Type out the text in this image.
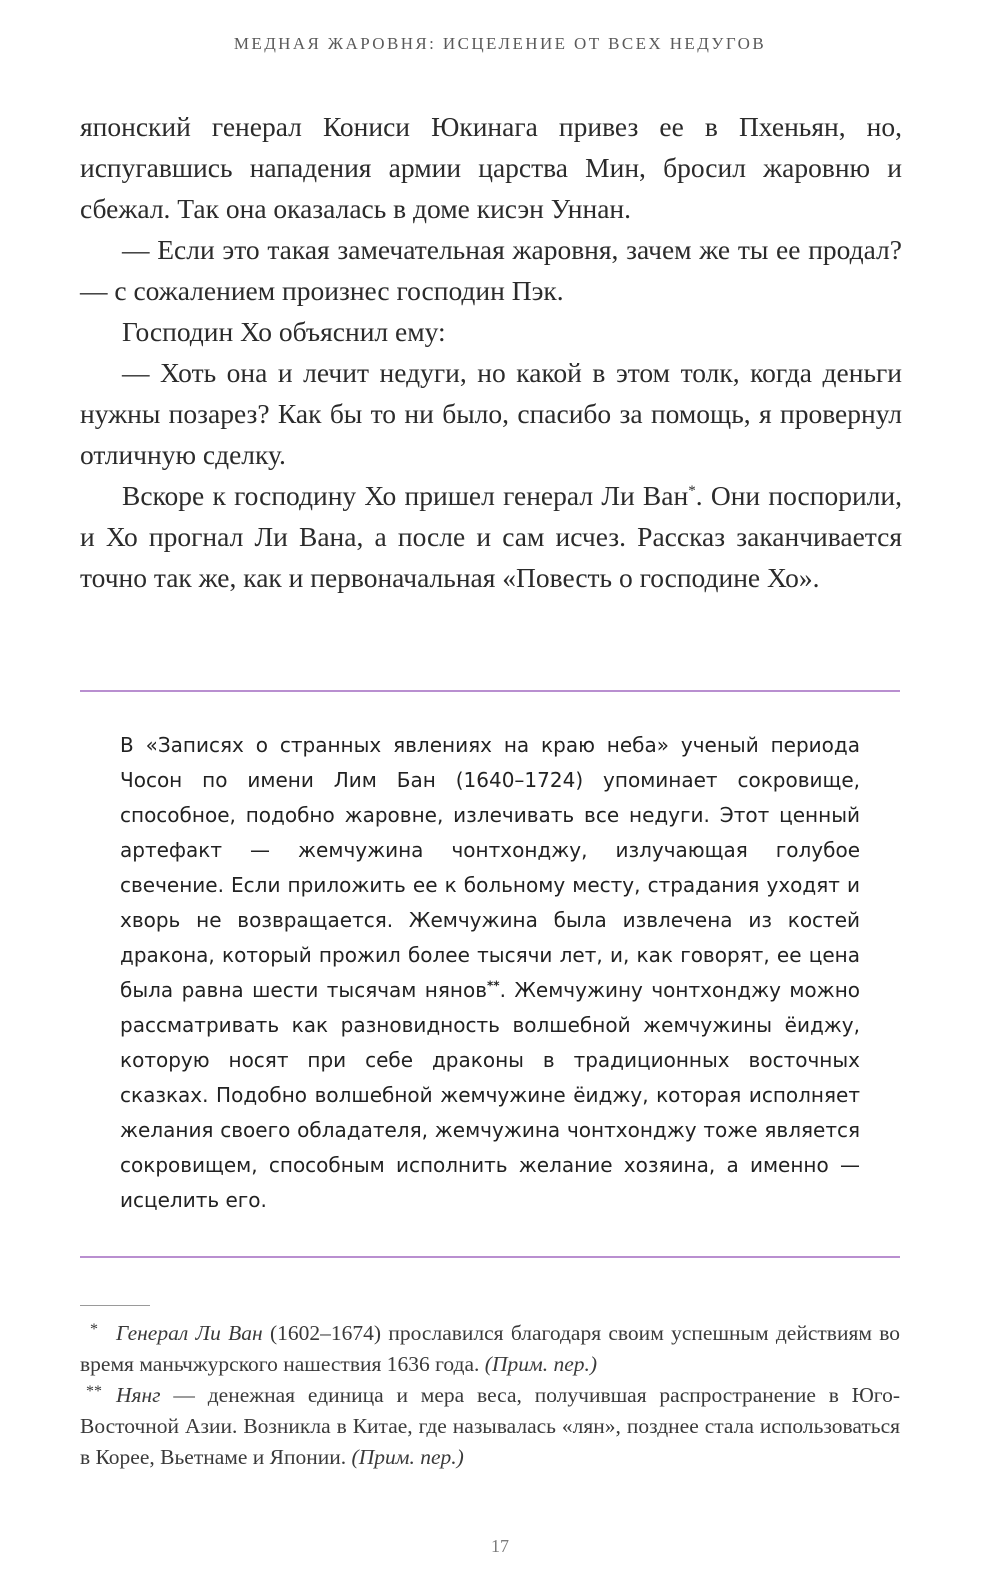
МЕДНАЯ ЖАРОВНЯ: ИСЦЕЛЕНИЕ ОТ ВСЕХ НЕДУГОВ

японский генерал Кониси Юкинага привез ее в Пхеньян, но, испугавшись нападения армии царства Мин, бросил жаровню и сбежал. Так она оказалась в доме кисэн Уннан.

— Если это такая замечательная жаровня, зачем же ты ее продал? — с сожалением произнес господин Пэк.

Господин Хо объяснил ему:

— Хоть она и лечит недуги, но какой в этом толк, когда деньги нужны позарез? Как бы то ни было, спасибо за помощь, я провернул отличную сделку.

Вскоре к господину Хо пришел генерал Ли Ван*. Они поспорили, и Хо прогнал Ли Вана, а после и сам исчез. Рассказ заканчивается точно так же, как и первоначальная «Повесть о господине Хо».

В «Записях о странных явлениях на краю неба» ученый периода Чосон по имени Лим Бан (1640–1724) упоминает сокровище, способное, подобно жаровне, излечивать все недуги. Этот ценный артефакт — жемчужина чонтхонджу, излучающая голубое свечение. Если приложить ее к больному месту, страдания уходят и хворь не возвращается. Жемчужина была извлечена из костей дракона, который прожил более тысячи лет, и, как говорят, ее цена была равна шести тысячам нянов**. Жемчужину чонтхонджу можно рассматривать как разновидность волшебной жемчужины ёиджу, которую носят при себе драконы в традиционных восточных сказках. Подобно волшебной жемчужине ёиджу, которая исполняет желания своего обладателя, жемчужина чонтхонджу тоже является сокровищем, способным исполнить желание хозяина, а именно — исцелить его.

* Генерал Ли Ван (1602–1674) прославился благодаря своим успешным действиям во время маньчжурского нашествия 1636 года. (Прим. пер.)

** Нянг — денежная единица и мера веса, получившая распространение в Юго-Восточной Азии. Возникла в Китае, где называлась «лян», позднее стала использоваться в Корее, Вьетнаме и Японии. (Прим. пер.)

17
